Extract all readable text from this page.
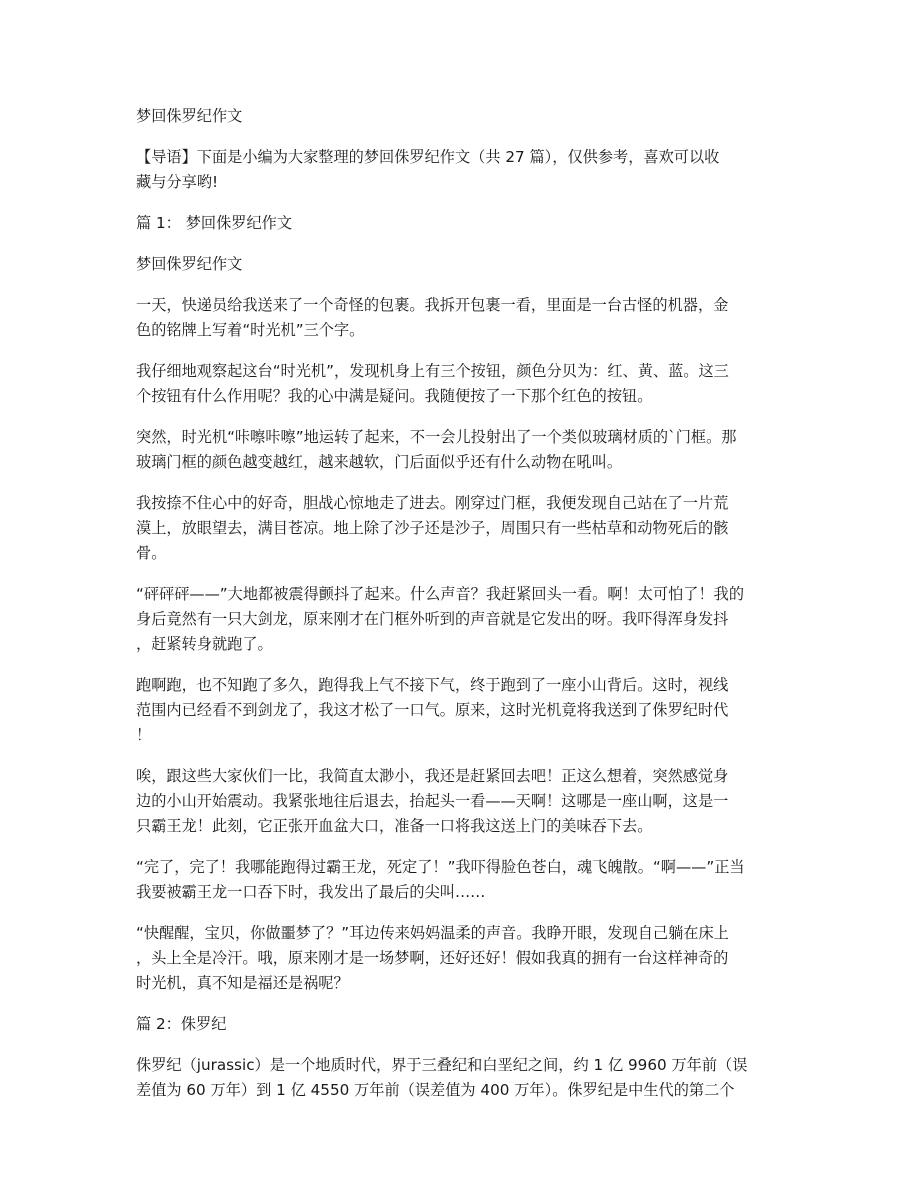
梦回侏罗纪作文

【导语】下面是小编为大家整理的梦回侏罗纪作文（共 27 篇），仅供参考，喜欢可以收
藏与分享哟!

篇 1： 梦回侏罗纪作文

梦回侏罗纪作文

一天，快递员给我送来了一个奇怪的包裹。我拆开包裹一看，里面是一台古怪的机器，金
色的铭牌上写着“时光机”三个字。

我仔细地观察起这台“时光机”，发现机身上有三个按钮，颜色分贝为：红、黄、蓝。这三
个按钮有什么作用呢？我的心中满是疑问。我随便按了一下那个红色的按钮。

突然，时光机“咔嚓咔嚓”地运转了起来，不一会儿投射出了一个类似玻璃材质的`门框。那
玻璃门框的颜色越变越红，越来越软，门后面似乎还有什么动物在吼叫。

我按捺不住心中的好奇，胆战心惊地走了进去。刚穿过门框，我便发现自己站在了一片荒
漠上，放眼望去，满目苍凉。地上除了沙子还是沙子，周围只有一些枯草和动物死后的骸
骨。

“砰砰砰——”大地都被震得颤抖了起来。什么声音？我赶紧回头一看。啊！太可怕了！我的
身后竟然有一只大剑龙，原来刚才在门框外听到的声音就是它发出的呀。我吓得浑身发抖
，赶紧转身就跑了。

跑啊跑，也不知跑了多久，跑得我上气不接下气，终于跑到了一座小山背后。这时，视线
范围内已经看不到剑龙了，我这才松了一口气。原来，这时光机竟将我送到了侏罗纪时代
！

唉，跟这些大家伙们一比，我简直太渺小，我还是赶紧回去吧！正这么想着，突然感觉身
边的小山开始震动。我紧张地往后退去，抬起头一看——天啊！这哪是一座山啊，这是一
只霸王龙！此刻，它正张开血盆大口，准备一口将我这送上门的美味吞下去。

“完了，完了！我哪能跑得过霸王龙，死定了！”我吓得脸色苍白，魂飞魄散。“啊——”正当
我要被霸王龙一口吞下时，我发出了最后的尖叫……

“快醒醒，宝贝，你做噩梦了？”耳边传来妈妈温柔的声音。我睁开眼，发现自己躺在床上
，头上全是冷汗。哦，原来刚才是一场梦啊，还好还好！假如我真的拥有一台这样神奇的
时光机，真不知是福还是祸呢？

篇 2：侏罗纪

侏罗纪（jurassic）是一个地质时代，界于三叠纪和白垩纪之间，约 1 亿 9960 万年前（误
差值为 60 万年）到 1 亿 4550 万年前（误差值为 400 万年）。侏罗纪是中生代的第二个
